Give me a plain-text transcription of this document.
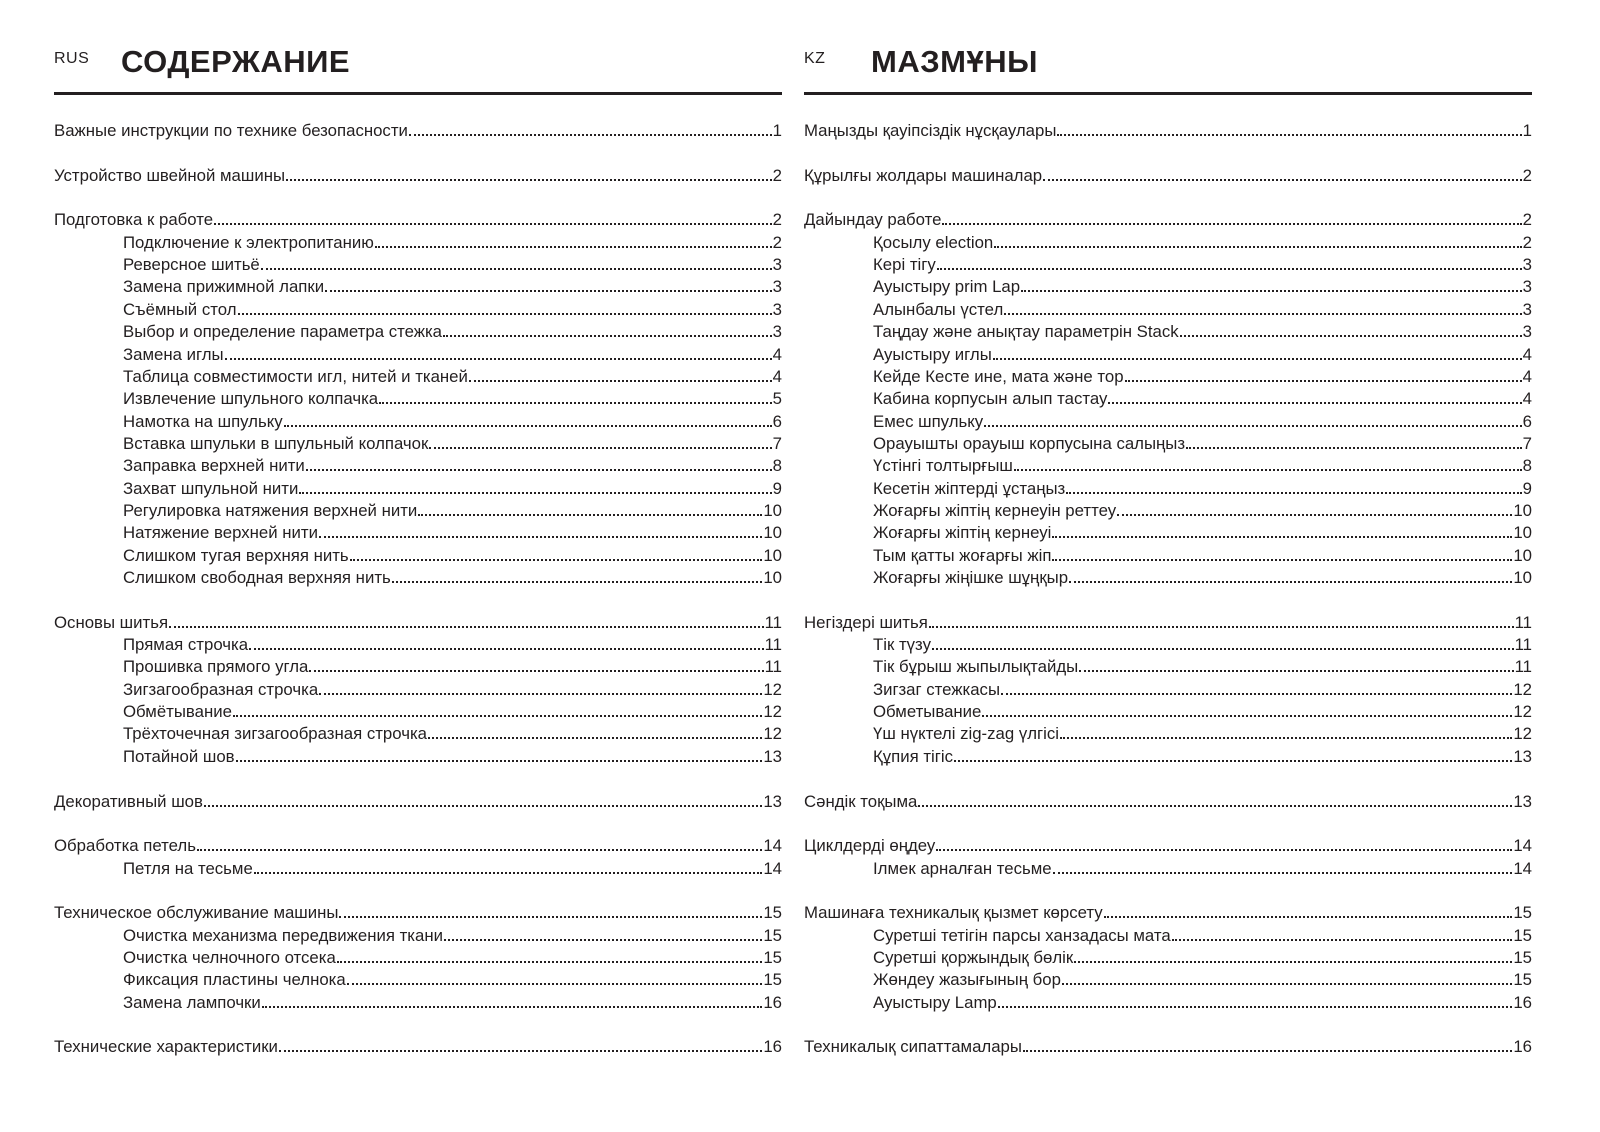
RUS СОДЕРЖАНИЕ
Важные инструкции по технике безопасности	1
Устройство швейной машины	2
Подготовка к работе	2
Подключение к электропитанию	2
Реверсное шитьё	3
Замена прижимной лапки	3
Съёмный стол	3
Выбор и определение параметра стежка	3
Замена иглы	4
Таблица совместимости игл, нитей и тканей	4
Извлечение шпульного колпачка	5
Намотка на шпульку	6
Вставка шпульки в шпульный колпачок	7
Заправка верхней нити	8
Захват шпульной нити	9
Регулировка натяжения верхней нити	10
Натяжение верхней нити	10
Слишком тугая верхняя нить	10
Слишком свободная верхняя нить	10
Основы шитья	11
Прямая строчка	11
Прошивка прямого угла	11
Зигзагообразная строчка	12
Обмётывание	12
Трёхточечная зигзагообразная строчка	12
Потайной шов	13
Декоративный шов	13
Обработка петель	14
Петля на тесьме	14
Техническое обслуживание машины	15
Очистка механизма передвижения ткани	15
Очистка челночного отсека	15
Фиксация пластины челнока	15
Замена лампочки	16
Технические характеристики	16
KZ МАЗМҰНЫ
Маңызды қауіпсіздік нұсқаулары	1
Құрылғы жолдары машиналар	2
Дайындау работе	2
Қосылу election	2
Кері тігу	3
Ауыстыру prim Lap	3
Алынбалы үстел	3
Таңдау және анықтау параметрін Stack	3
Ауыстыру иглы	4
Кейде Кесте ине, мата және тор	4
Кабина корпусын алып тастау	4
Емес шпульку	6
Орауышты орауыш корпусына салыңыз	7
Үстінгі толтырғыш	8
Кесетін жіптерді ұстаңыз	9
Жоғарғы жіптің кернеуін реттеу	10
Жоғарғы жіптің кернеуі	10
Тым қатты жоғарғы жіп	10
Жоғарғы жіңішке шұңқыр	10
Негіздері шитья	11
Тік түзу	11
Тік бұрыш жыпылықтайды	11
Зигзаг стежкасы	12
Обметывание	12
Үш нүктелі zig-zag үлгісі	12
Құпия тігіс	13
Сәндік тоқыма	13
Циклдерді өңдеу	14
Ілмек арналған тесьме	14
Машинаға техникалық қызмет көрсету	15
Суретші тетігін парсы ханзадасы мата	15
Суретші қоржындық бөлік	15
Жөндеу жазығының бор	15
Ауыстыру Lamp	16
Техникалық сипаттамалары	16
